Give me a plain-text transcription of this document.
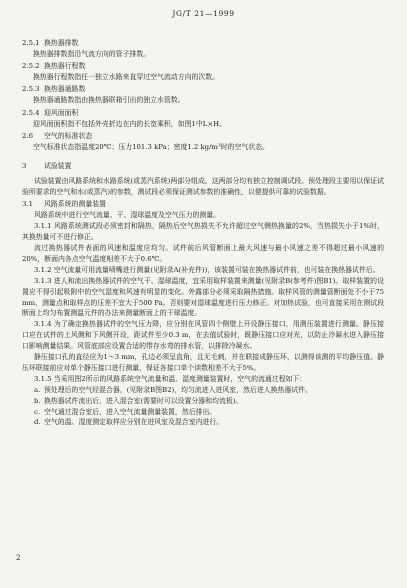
JG/T 21—1999
2.5.1 换热器排数
换热器排数指沿气流方向的管子排数。
2.5.2 换热器行程数
换热器行程数指任一独立水路来直穿过空气流动方向的次数。
2.5.3 换热器通路数
换热器通路数指由换热器联箱引出的独立水管数。
2.5.4 迎风面面积
迎风面面积指不包括外壳折边在内的长宽乘积，如图1中L×H。
2.6 空气的标准状态
空气标准状态指温度20℃；压力101.3 kPa；密度1.2 kg/m³时的空气状态。
3	试验装置
试验装置由风路系统和水路系统(或蒸汽系统)两部分组成。这两部分均有独立控制调试段。预处理段主要用以保证试验所要求的空气和水(或蒸汽)的参数，测试段必须保证测试参数的准确性，以便提供可靠的试验数据。
3.1 风路系统的测量装置
风路系统中进行空气流量、干、湿球温度及空气压力的测量。
3.1.1 风路系统测试段必须密封和隔热，隔热后空气热损失不允许超过空气侧热换量的2%，当热损失小于1%时，其换热量可不进行修正。
流过换热器试件表面的风速和温度应均匀。试件前后风管断面上最大风速与最小风速之差不得超过最小风速的20%，断面内各点空气温度相差不大于0.6℃。
3.1.2 空气流量可用流量喷嘴进行测量(见附录A(补充件))，该装置可装在换热器试件前，也可装在换热器试件后。
3.1.3 进人和流出换热器试件的空气干、湿球温度，宜采用取样装置来测量(见附录B(参考件)图B1)。取样装置的设置应不得引起吸附中的空气湿度和风速有明显的变化。外露部分必须采取隔热措施。取样风管的测量管断面处不小于75 mm，测量点和取样点的压差不宜大于500 Pa。否则要对湿球温度进行压力修正。对加热试验，也可直接采用在测试段断面上均匀布置测温元件的办法来测量断面上的干球温度。
3.1.4 为了确定换热器试件的空气压力降，应分别在风管四个侧壁上开设静压接口，用测压装置进行测量。静压接口应在试件的上风侧和下风侧开设，距试件至少0.3 m，在去值试验时，既静压接口应对光，以防止冷凝水进入静压接口影响测量结果。风管底部应设置合适的带存水弯的排水管，以排除冷凝水。
静压接口孔的直径应为1～3 mm，孔边必须呈直角，且无毛刺，并在联接成静压环，以测得该测的平均静压值。静压环联接前应对单个静压接口进行测量，保证各接口单个读数相差不大于5%。
3.1.5 当采用图2所示的风路系统空气流量和温、湿度测量装置时，空气的流通过程如下：
a. 预处理后的空气经混合器，(见附录B图B2)，均匀流进入进风室，然后进人换热器试件。
b. 换热器试件流出后，进入混合室(需要时可以设置分器和均流板)。
c. 空气通过混合室后，进入空气流量测量装置，然后排出。
d. 空气的温、湿度测定取样应分别在进风室及混合室内进行。
2
